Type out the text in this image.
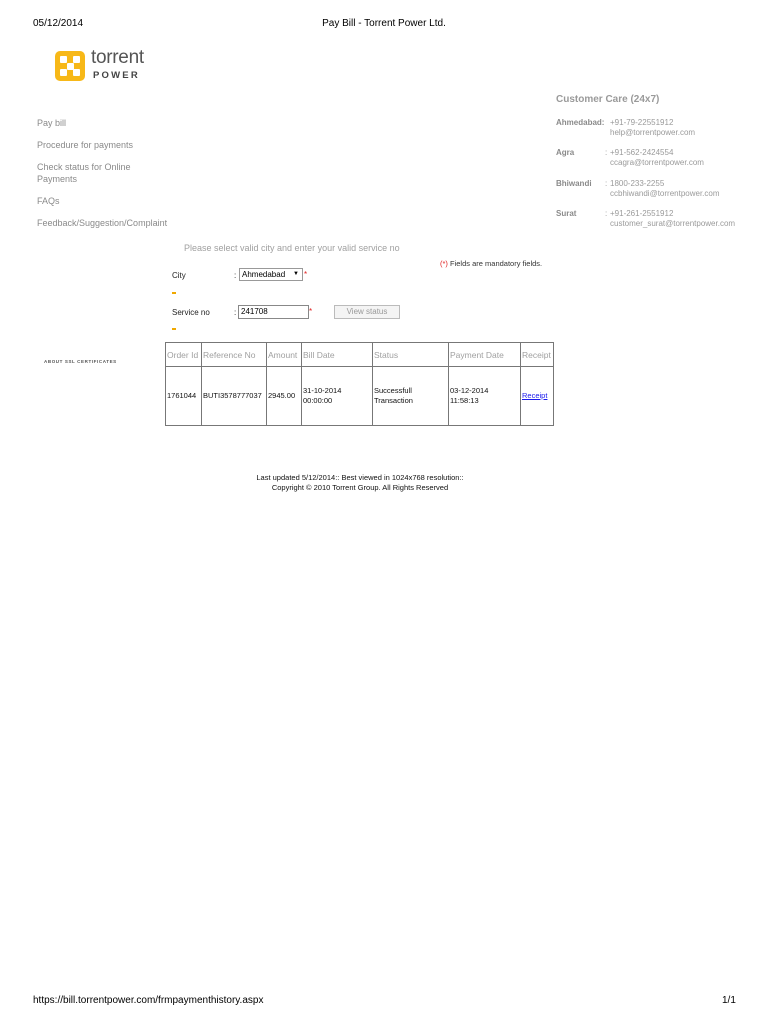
05/12/2014	Pay Bill - Torrent Power Ltd.
https://bill.torrentpower.com/frmpaymenthistory.aspx	1/1
torrent
POWER
Pay bill
Procedure for payments
Check status for Online Payments
FAQs
Feedback/Suggestion/Complaint
ABOUT SSL CERTIFICATES
Customer Care (24x7)
Ahmedabad: +91-79-22551912
help@torrentpower.com
Agra	: +91-562-2424554
ccagra@torrentpower.com
Bhiwandi : 1800-233-2255
ccbhiwandi@torrentpower.com
Surat	: +91-261-2551912
customer_surat@torrentpower.com
Please select valid city and enter your valid service no
(*) Fields are mandatory fields.
City	: Ahmedabad ▼ *
Service no	: 241708	*	View status
Order Id	Reference No	Amount	Bill Date	Status	Payment Date	Receipt
1761044	BUTI3578777037	2945.00	31-10-2014 00:00:00	Successfull Transaction	03-12-2014 11:58:13	Receipt
Last updated 5/12/2014:: Best viewed in 1024x768 resolution::
Copyright © 2010 Torrent Group. All Rights Reserved
